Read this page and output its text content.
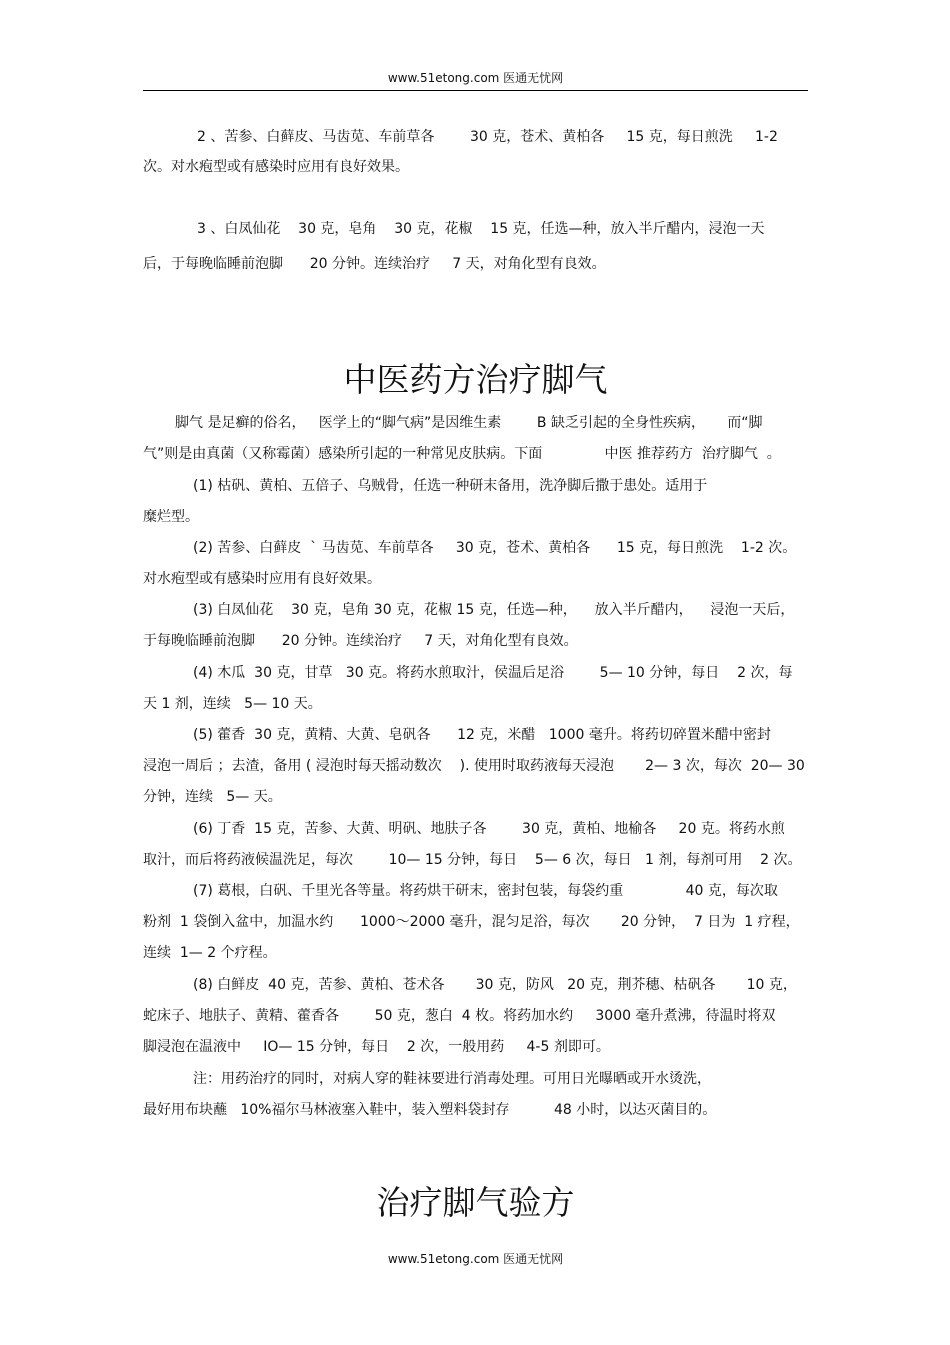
www.51etong.com 医通无忧网
2 、苦参、白藓皮、马齿苋、车前草各        30 克，苍术、黄柏各     15 克，每日煎洗     1-2
次。对水疱型或有感染时应用有良好效果。
3 、白凤仙花    30 克，皂角    30 克，花椒    15 克，任选—种，放入半斤醋内，浸泡一天
后，于每晚临睡前泡脚      20 分钟。连续治疗     7 天，对角化型有良效。
中医药方治疗脚气
脚气 是足癣的俗名，   医学上的“脚气病”是因维生素        B 缺乏引起的全身性疾病，     而“脚
气”则是由真菌（又称霉菌）感染所引起的一种常见皮肤病。下面              中医 推荐药方  治疗脚气  。
(1) 枯矾、黄柏、五倍子、乌贼骨，任选一种研末备用，洗净脚后撒于患处。适用于
糜烂型。
(2) 苦参、白藓皮  ` 马齿苋、车前草各     30 克，苍术、黄柏各      15 克，每日煎洗    1-2 次。
对水疱型或有感染时应用有良好效果。
(3) 白凤仙花    30 克，皂角 30 克，花椒 15 克，任选—种，    放入半斤醋内，    浸泡一天后，
于每晚临睡前泡脚      20 分钟。连续治疗     7 天，对角化型有良效。
(4) 木瓜  30 克，甘草   30 克。将药水煎取汁，侯温后足浴        5— 10 分钟，每日    2 次，每
天 1 剂，连续   5— 10 天。
(5) 藿香  30 克，黄精、大黄、皂矾各      12 克，米醋   1000 毫升。将药切碎置米醋中密封
浸泡一周后 ；去渣，备用 ( 浸泡时每天摇动数次    ). 使用时取药液每天浸泡       2— 3 次，每次  20— 30
分钟，连续   5— 天。
(6) 丁香  15 克，苦参、大黄、明矾、地肤子各        30 克，黄柏、地榆各     20 克。将药水煎
取汁，而后将药液候温洗足，每次        10— 15 分钟，每日    5— 6 次，每日   1 剂，每剂可用    2 次。
(7) 葛根，白矾、千里光各等量。将药烘干研末，密封包装，每袋约重              40 克，每次取
粉剂  1 袋倒入盆中，加温水约      1000～2000 毫升，混匀足浴，每次       20 分钟，  7 日为  1 疗程，
连续  1— 2 个疗程。
(8) 白鲜皮  40 克，苦参、黄柏、苍术各       30 克，防风   20 克，荆芥穗、枯矾各       10 克，
蛇床子、地肤子、黄精、藿香各        50 克，葱白  4 枚。将药加水约     3000 毫升煮沸，待温时将双
脚浸泡在温液中     IO— 15 分钟，每日    2 次，一般用药     4-5 剂即可。
注：用药治疗的同时，对病人穿的鞋袜要进行消毒处理。可用日光曝晒或开水烫洗，
最好用布块蘸   10%福尔马林液塞入鞋中，装入塑料袋封存          48 小时，以达灭菌目的。
治疗脚气验方
www.51etong.com 医通无忧网
